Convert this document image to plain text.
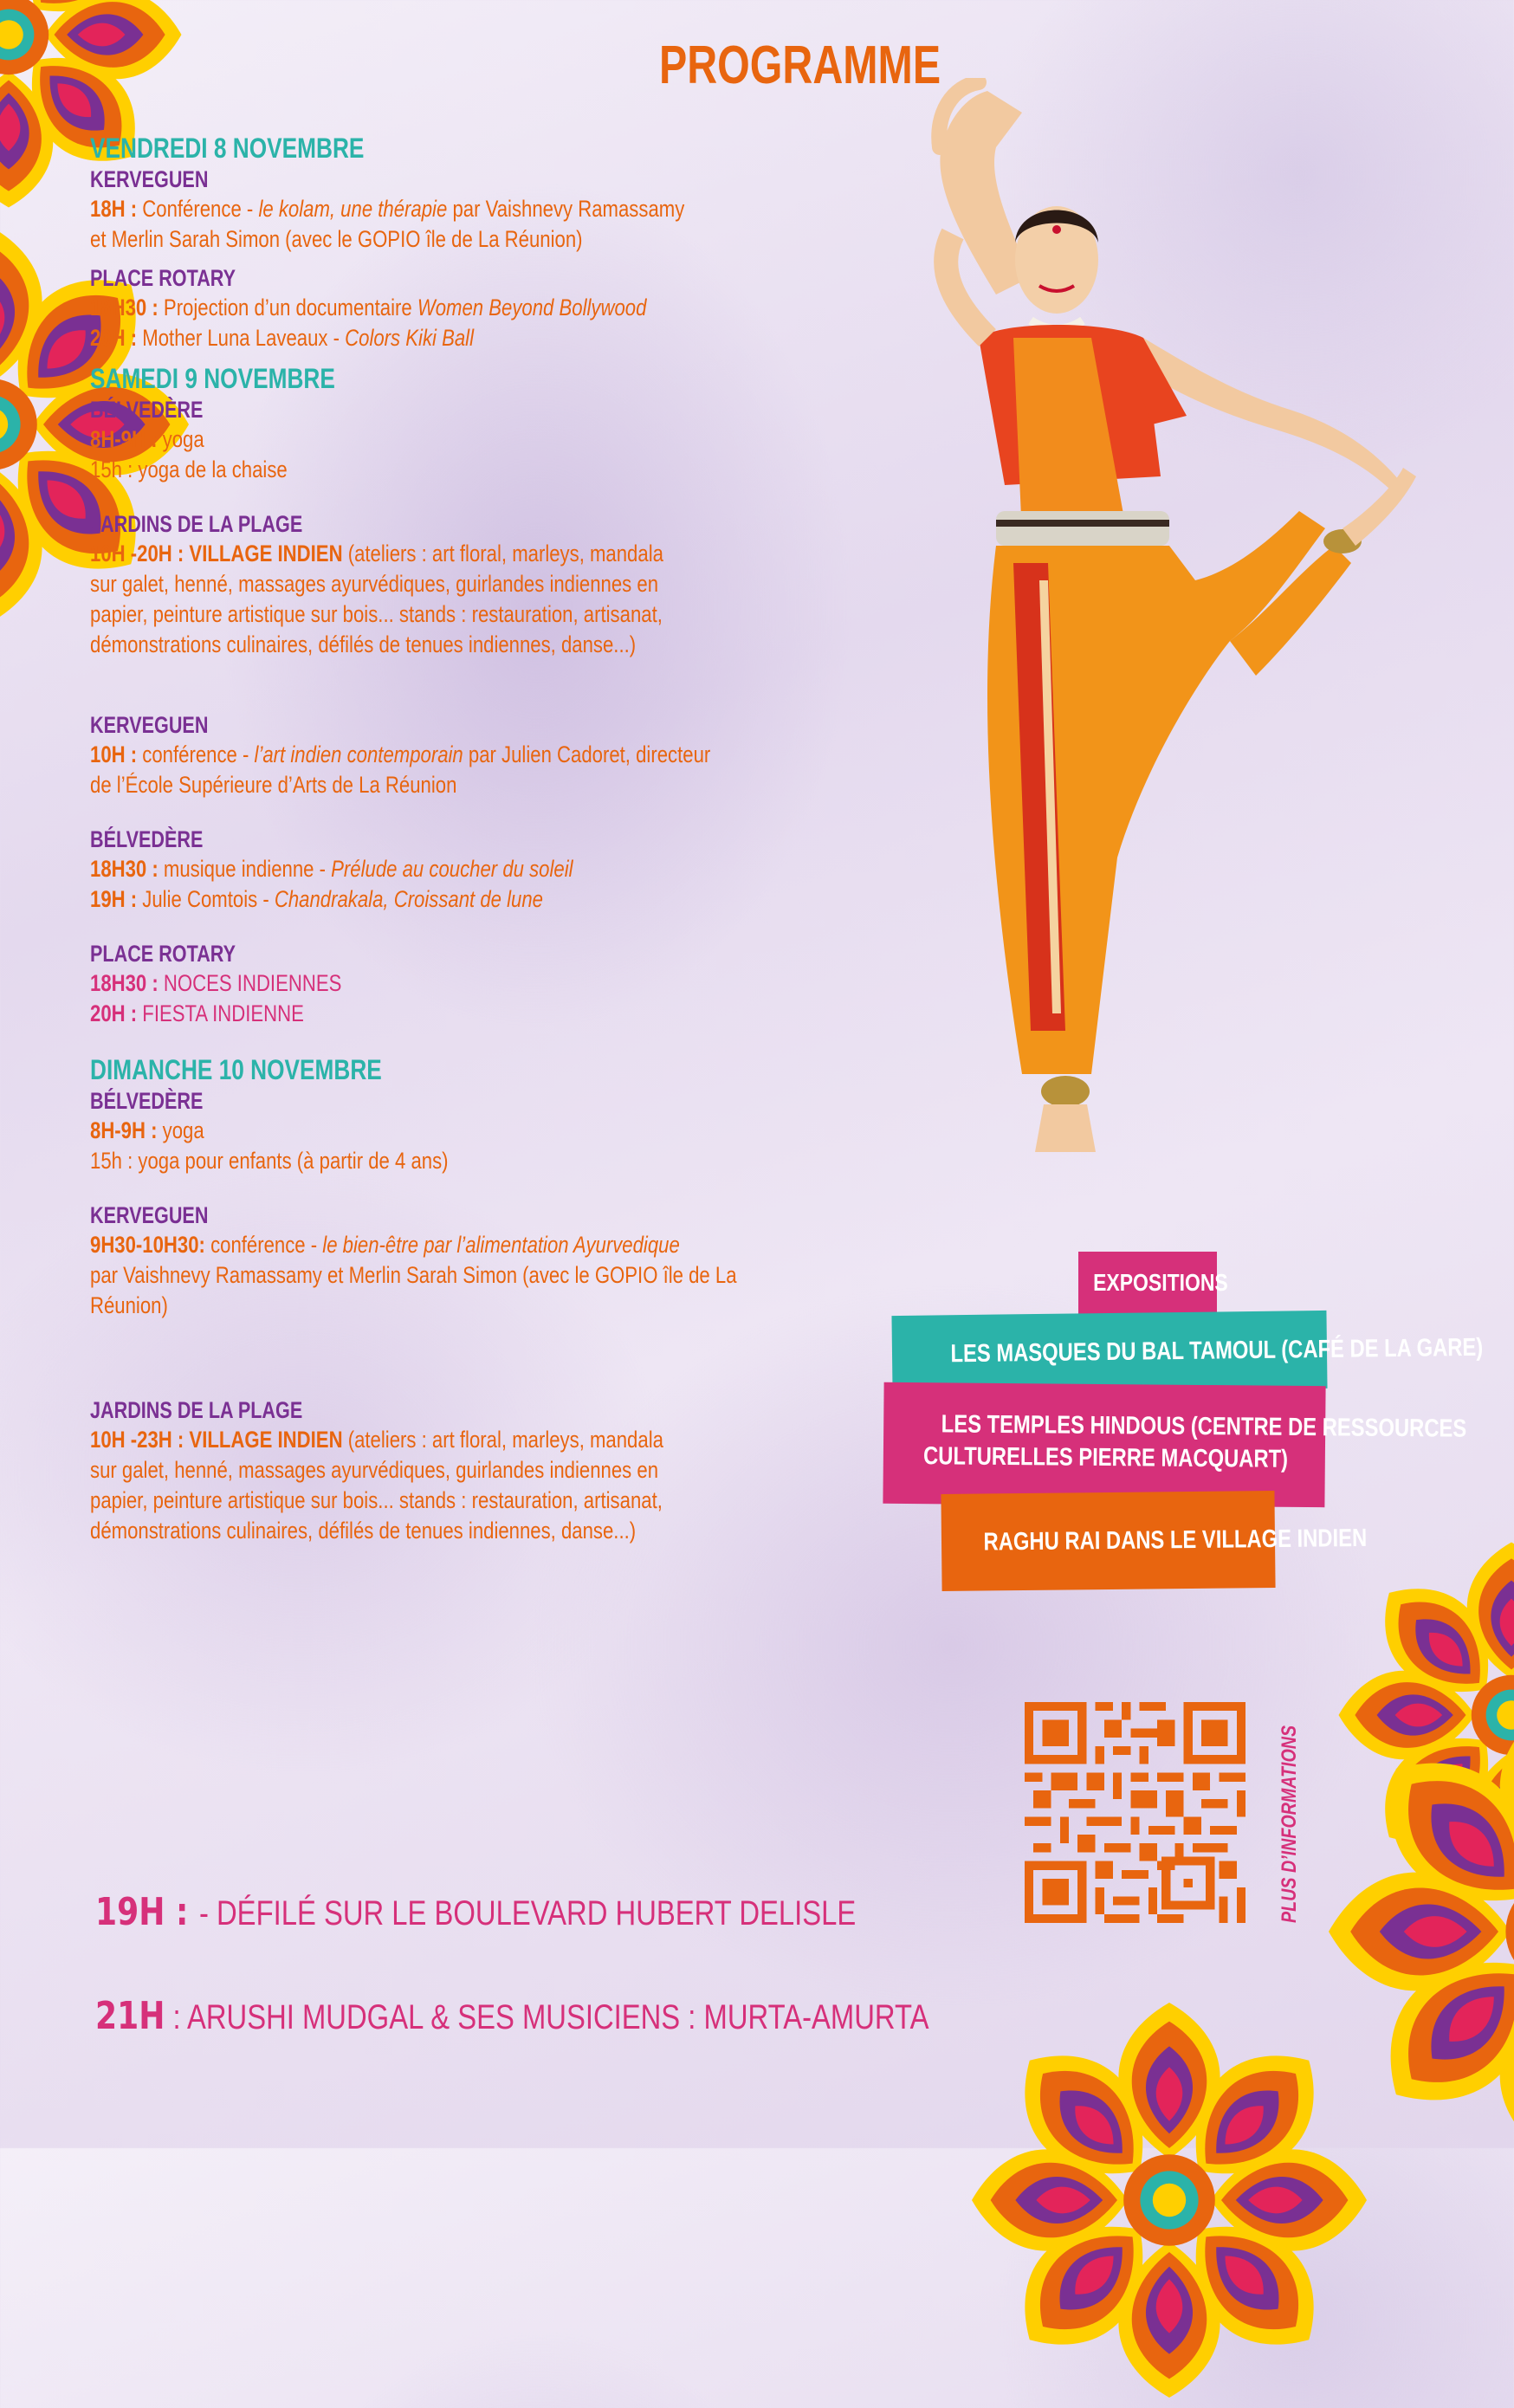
PROGRAMME
VENDREDI 8 NOVEMBRE
KERVEGUEN
18H : Conférence - le kolam, une thérapie par Vaishnevy Ramassamy
et Merlin Sarah Simon (avec le GOPIO île de La Réunion)
PLACE ROTARY
18H30 : Projection d’un documentaire Women Beyond Bollywood
20H : Mother Luna Laveaux - Colors Kiki Ball
SAMEDI 9 NOVEMBRE
BÉLVEDÈRE
8H-9H : yoga
15h : yoga de la chaise
JARDINS DE LA PLAGE
10H -20H : VILLAGE INDIEN (ateliers : art floral, marleys, mandala
sur galet, henné, massages ayurvédiques, guirlandes indiennes en
papier, peinture artistique sur bois... stands : restauration, artisanat,
démonstrations culinaires, défilés de tenues indiennes, danse...)
KERVEGUEN
10H : conférence - l’art indien contemporain par Julien Cadoret, directeur
de l’École Supérieure d’Arts de La Réunion
BÉLVEDÈRE
18H30 : musique indienne - Prélude au coucher du soleil
19H : Julie Comtois - Chandrakala, Croissant de lune
PLACE ROTARY
18H30 : NOCES INDIENNES
20H : FIESTA INDIENNE
DIMANCHE 10 NOVEMBRE
BÉLVEDÈRE
8H-9H : yoga
15h : yoga pour enfants (à partir de 4 ans)
KERVEGUEN
9H30-10H30: conférence - le bien-être par l’alimentation Ayurvedique
par Vaishnevy Ramassamy et Merlin Sarah Simon (avec le GOPIO île de La
Réunion)
JARDINS DE LA PLAGE
10H -23H : VILLAGE INDIEN (ateliers : art floral, marleys, mandala
sur galet, henné, massages ayurvédiques, guirlandes indiennes en
papier, peinture artistique sur bois... stands : restauration, artisanat,
démonstrations culinaires, défilés de tenues indiennes, danse...)
19H : - DÉFILÉ SUR LE BOULEVARD HUBERT DELISLE
21H : ARUSHI MUDGAL & SES MUSICIENS : MURTA-AMURTA
EXPOSITIONS
LES MASQUES DU BAL TAMOUL (CAFÉ DE LA GARE)
LES TEMPLES HINDOUS (CENTRE DE RESSOURCES
CULTURELLES PIERRE MACQUART)
RAGHU RAI DANS LE VILLAGE INDIEN
PLUS D’INFORMATIONS
